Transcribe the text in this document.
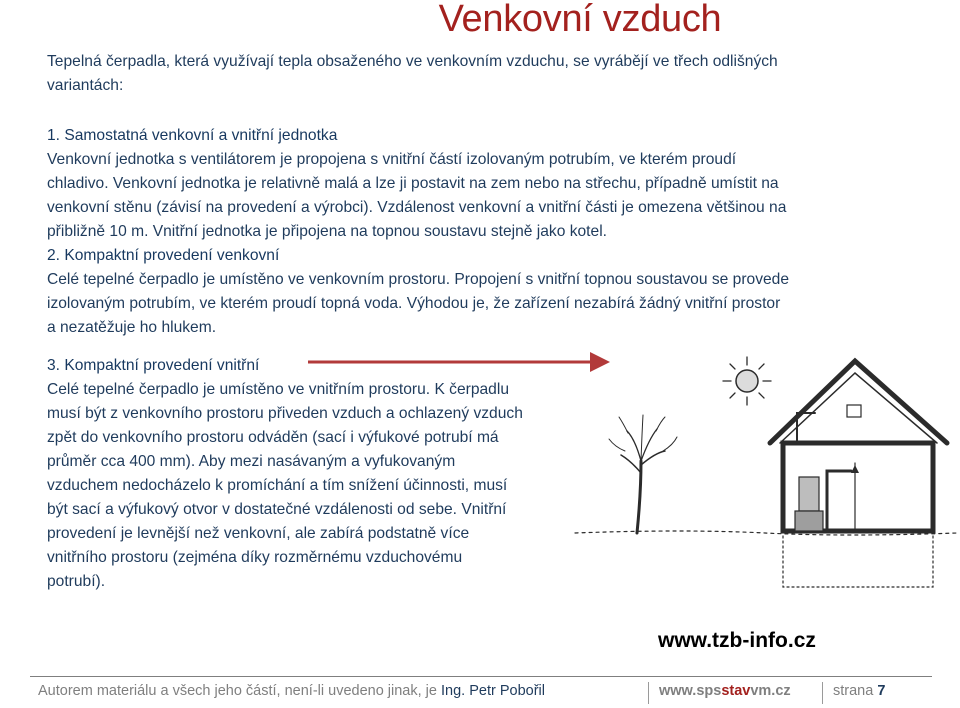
Venkovní vzduch
Tepelná čerpadla, která využívají tepla obsaženého ve venkovním vzduchu, se vyrábějí ve třech odlišných
variantách:
1. Samostatná venkovní a vnitřní jednotka
Venkovní jednotka s ventilátorem je propojena s vnitřní částí izolovaným potrubím, ve kterém proudí
chladivo. Venkovní jednotka je relativně malá a lze ji postavit na zem nebo na střechu, případně umístit na
venkovní stěnu (závisí na provedení a výrobci). Vzdálenost venkovní a vnitřní části je omezena většinou na
přibližně 10 m. Vnitřní jednotka je připojena na topnou soustavu stejně jako kotel.
2. Kompaktní provedení venkovní
Celé tepelné čerpadlo je umístěno ve venkovním prostoru. Propojení s vnitřní topnou soustavou se provede
izolovaným potrubím, ve kterém proudí topná voda. Výhodou je, že zařízení nezabírá žádný vnitřní prostor
a nezatěžuje ho hlukem.
3. Kompaktní provedení vnitřní
Celé tepelné čerpadlo je umístěno ve vnitřním prostoru. K čerpadlu
musí být z venkovního prostoru přiveden vzduch a ochlazený vzduch
zpět do venkovního prostoru odváděn (sací i výfukové potrubí má
průměr cca 400 mm). Aby mezi nasávaným a vyfukovaným
vzduchem nedocházelo k promíchání a tím snížení účinnosti, musí
být sací a výfukový otvor v dostatečné vzdálenosti od sebe. Vnitřní
provedení je levnější než venkovní, ale zabírá podstatně více
vnitřního prostoru (zejména díky rozměrnému vzduchovému
potrubí).
www.tzb-info.cz
Autorem materiálu a všech jeho částí, není-li uvedeno jinak, je Ing. Petr Pobořil	www.spsstavvm.cz	strana 7
